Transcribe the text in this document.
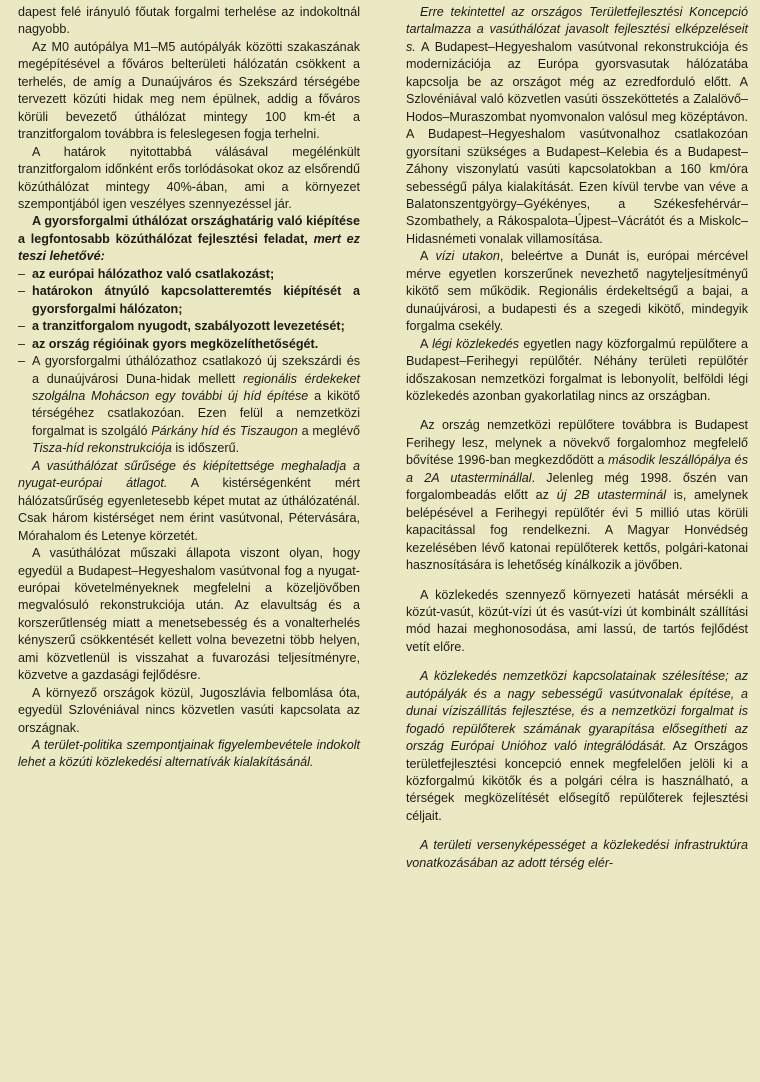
dapest felé irányuló főutak forgalmi terhelése az indokoltnál nagyobb.

Az M0 autópálya M1–M5 autópályák közötti szakaszának megépítésével a főváros belterületi hálózatán csökkent a terhelés, de amíg a Dunaújváros és Szekszárd térségébe tervezett közúti hidak meg nem épülnek, addig a főváros körüli bevezető úthálózat mintegy 100 km-ét a tranzitforgalom továbbra is feleslegesen fogja terhelni.

A határok nyitottabbá válásával megélénkült tranzitforgalom időnként erős torlódásokat okoz az elsőrendű közúthálózat mintegy 40%-ában, ami a környezet szempontjából igen veszélyes szennyezéssel jár.

A gyorsforgalmi úthálózat országhatárig való kiépítése a legfontosabb közúthálózat fejlesztési feladat, mert ez teszi lehetővé:

– az európai hálózathoz való csatlakozást;
– határokon átnyúló kapcsolatteremtés kiépítését a gyorsforgalmi hálózaton;
– a tranzitforgalom nyugodt, szabályozott levezetését;
– az ország régióinak gyors megközelíthetőségét.
– A gyorsforgalmi úthálózathoz csatlakozó új szekszárdi és a dunaújvárosi Duna-hidak mellett regionális érdekeket szolgálna Mohácson egy további új híd építése a kikötő térségéhez csatlakozóan. Ezen felül a nemzetközi forgalmat is szolgáló Párkány híd és Tiszaugon a meglévő Tisza-híd rekonstrukciója is időszerű.

A vasúthálózat sűrűsége és kiépítettsége meghaladja a nyugat-európai átlagot. A kistérségenként mért hálózatsűrűség egyenletesebb képet mutat az úthálózaténál. Csak három kistérséget nem érint vasútvonal, Pétervására, Mórahalom és Letenye körzetét.

A vasúthálózat műszaki állapota viszont olyan, hogy egyedül a Budapest–Hegyeshalom vasútvonal fog a nyugat-európai követelményeknek megfelelni a közeljövőben megvalósuló rekonstrukciója után. Az elavultság és a korszerűtlenség miatt a menetsebesség és a vonalterhelés kényszerű csökkentését kellett volna bevezetni több helyen, ami közvetlenül is visszahat a fuvarozási teljesítményre, közvetve a gazdasági fejlődésre.

A környező országok közül, Jugoszlávia felbomlása óta, egyedül Szlovéniával nincs közvetlen vasúti kapcsolata az országnak.

A terület-politika szempontjainak figyelembevétele indokolt lehet a közúti közlekedési alternatívák kialakításánál.

Erre tekintettel az országos Területfejlesztési Koncepció tartalmazza a vasúthálózat javasolt fejlesztési elképzeléseit s. A Budapest–Hegyeshalom vasútvonal rekonstrukciója és modernizációja az Európa gyorsvasutak hálózatába kapcsolja be az országot még az ezredforduló előtt. A Szlovéniával való közvetlen vasúti összeköttetés a Zalalövő–Hodos–Muraszombat nyomvonalon valósul meg középtávon. A Budapest–Hegyeshalom vasútvonalhoz csatlakozóan gyorsítani szükséges a Budapest–Kelebia és a Budapest–Záhony viszonylatú vasúti kapcsolatokban a 160 km/óra sebességű pálya kialakítását. Ezen kívül tervbe van véve a Balatonszentgyörgy–Gyékényes, a Székesfehérvár–Szombathely, a Rákospalota–Újpest–Vácrátót és a Miskolc–Hidasnémeti vonalak villamosítása.

A vízi utakon, beleértve a Dunát is, európai mércével mérve egyetlen korszerűnek nevezhető nagyteljesítményű kikötő sem működik. Regionális érdekeltségű a bajai, a dunaújvárosi, a budapesti és a szegedi kikötő, mindegyik forgalma csekély.

A légi közlekedés egyetlen nagy közforgalmú repülőtere a Budapest–Ferihegyi repülőtér. Néhány területi repülőtér időszakosan nemzetközi forgalmat is lebonyolít, belföldi légi közlekedés azonban gyakorlatilag nincs az országban.

Az ország nemzetközi repülőtere továbbra is Budapest Ferihegy lesz, melynek a növekvő forgalomhoz megfelelő bővítése 1996-ban megkezdődött a második leszállópálya és a 2A utasterminállal. Jelenleg még 1998. őszén van forgalombeadás előtt az új 2B utasterminál is, amelynek belépésével a Ferihegyi repülőtér évi 5 millió utas körüli kapacitással fog rendelkezni. A Magyar Honvédség kezelésében lévő katonai repülőterek kettős, polgári-katonai hasznosítására is lehetőség kínálkozik a jövőben.

A közlekedés szennyező környezeti hatását mérsékli a közút-vasút, közút-vízi út és vasút-vízi út kombinált szállítási mód hazai meghonosodása, ami lassú, de tartós fejlődést vetít előre.

A közlekedés nemzetközi kapcsolatainak szélesítése; az autópályák és a nagy sebességű vasútvonalak építése, a dunai víziszállítás fejlesztése, és a nemzetközi forgalmat is fogadó repülőterek számának gyarapítása elősegítheti az ország Európai Unióhoz való integrálódását. Az Országos területfejlesztési koncepció ennek megfelelően jelöli ki a közforgalmú kikötők és a polgári célra is használható, a térségek megközelítését elősegítő repülőterek fejlesztési céljait.

A területi versenyképességet a közlekedési infrastruktúra vonatkozásában az adott térség elér-
